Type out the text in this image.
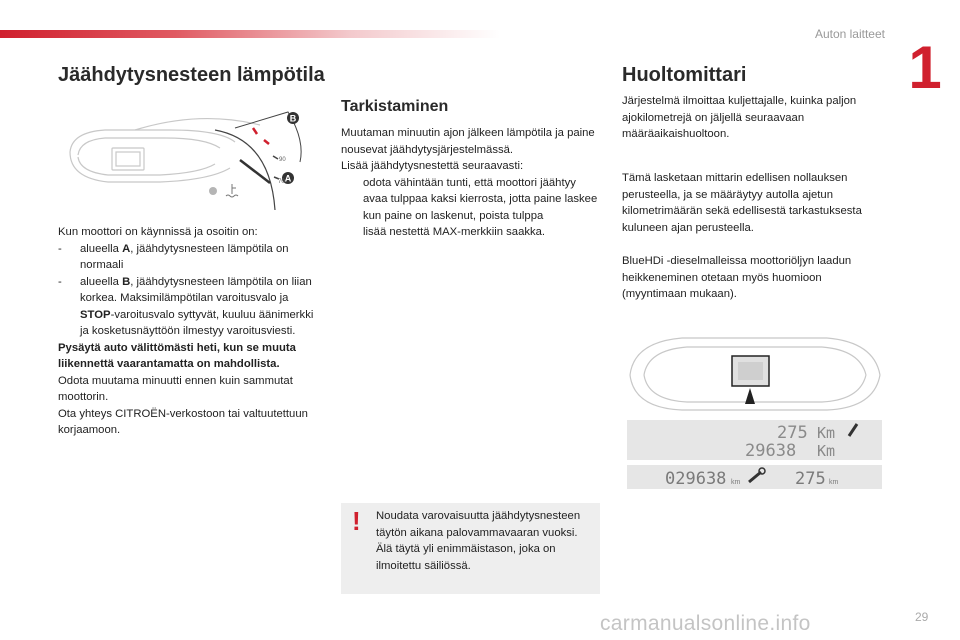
Auton laitteet 1
Jäähdytysnesteen lämpötila
B
A
90
70
Kun moottori on käynnissä ja osoitin on:
-	alueella A, jäähdytysnesteen lämpötila on normaali
-	alueella B, jäähdytysnesteen lämpötila on liian korkea. Maksimilämpötilan varoitusvalo ja STOP-varoitusvalo syttyvät, kuuluu äänimerkki ja kosketusnäyttöön ilmestyy varoitusviesti.
Pysäytä auto välittömästi heti, kun se muuta liikennettä vaarantamatta on mahdollista.
Odota muutama minuutti ennen kuin sammutat moottorin.
Ota yhteys CITROËN-verkostoon tai valtuutettuun korjaamoon.
Tarkistaminen
Muutaman minuutin ajon jälkeen lämpötila ja paine nousevat jäähdytysjärjestelmässä.
Lisää jäähdytysnestettä seuraavasti:
odota vähintään tunti, että moottori jäähtyy
avaa tulppaa kaksi kierrosta, jotta paine laskee
kun paine on laskenut, poista tulppa
lisää nestettä MAX-merkkiin saakka.
! Noudata varovaisuutta jäähdytysnesteen täytön aikana palovammavaaran vuoksi. Älä täytä yli enimmäistason, joka on ilmoitettu säiliössä.
Huoltomittari
Järjestelmä ilmoittaa kuljettajalle, kuinka paljon ajokilometrejä on jäljellä seuraavaan määräaikaishuoltoon.
Tämä lasketaan mittarin edellisen nollauksen perusteella, ja se määräytyy autolla ajetun kilometrimäärän sekä edellisestä tarkastuksesta kuluneen ajan perusteella.
BlueHDi -dieselmalleissa moottoriöljyn laadun heikkeneminen otetaan myös huomioon (myyntimaan mukaan).
275 Km
29638 Km
029638 km	275 km
29
carmanualsonline.info
